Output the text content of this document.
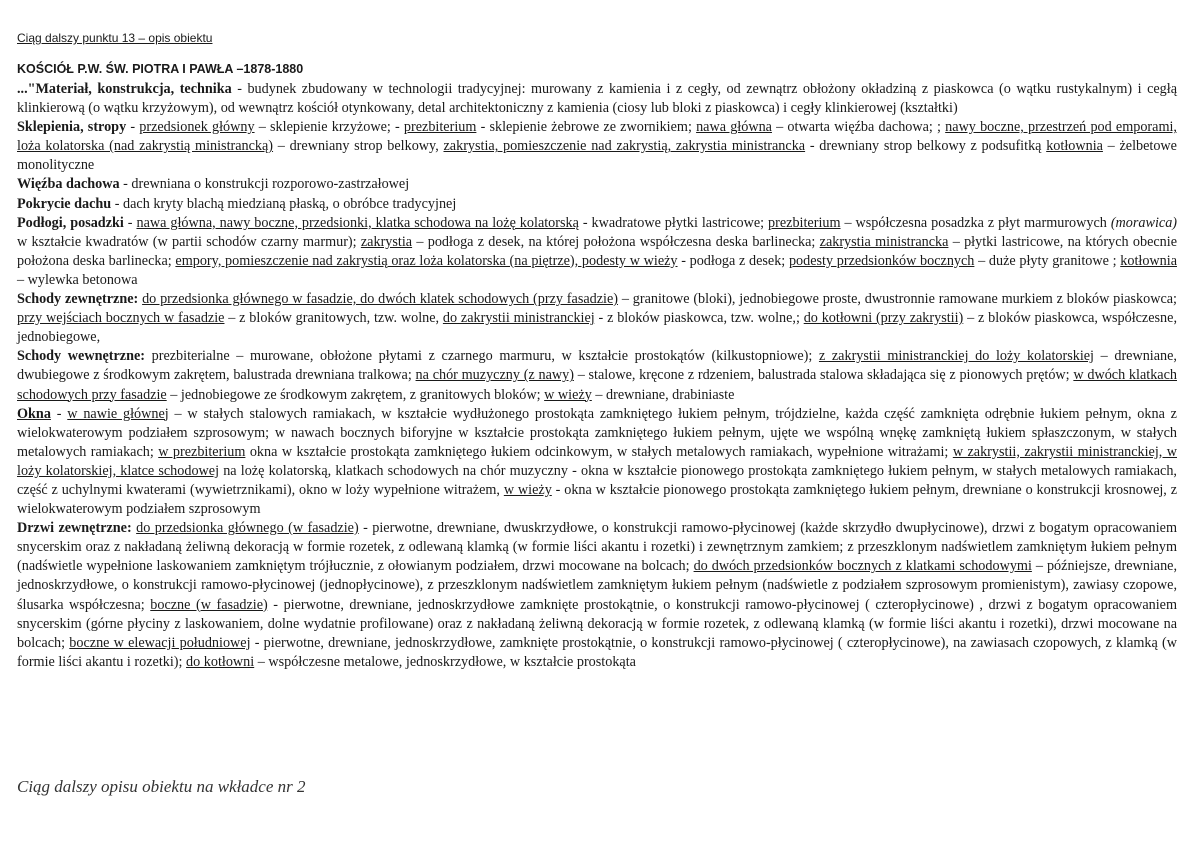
Ciąg dalszy punktu 13 – opis obiektu
KOŚCIÓŁ P.W. ŚW. PIOTRA I PAWŁA –1878-1880

..."Materiał, konstrukcja, technika - budynek zbudowany w technologii tradycyjnej: murowany z kamienia i z cegły, od zewnątrz obłożony okładziną z piaskowca (o wątku rustykalnym) i cegłą klinkierową (o wątku krzyżowym), od wewnątrz kościół otynkowany, detal architektoniczny z kamienia (ciosy lub bloki z piaskowca) i cegły klinkierowej (kształtki)

Sklepienia, stropy - przedsionek główny – sklepienie krzyżowe; - prezbiterium - sklepienie żebrowe ze zwornikiem; nawa główna – otwarta więźba dachowa; ; nawy boczne, przestrzeń pod emporami, loża kolatorska (nad zakrystią ministrancką) – drewniany strop belkowy, zakrystia, pomieszczenie nad zakrystią, zakrystia ministrancka - drewniany strop belkowy z podsufitką kotłownia – żelbetowe monolityczne

Więźba dachowa - drewniana o konstrukcji rozporowo-zastrzałowej

Pokrycie dachu - dach kryty blachą miedzianą płaską, o obróbce tradycyjnej

Podłogi, posadzki - nawa główna, nawy boczne, przedsionki, klatka schodowa na lożę kolatorską - kwadratowe płytki lastricowe; prezbiterium – współczesna posadzka z płyt marmurowych (morawica) w kształcie kwadratów (w partii schodów czarny marmur); zakrystia – podłoga z desek, na której położona współczesna deska barlinecka; zakrystia ministrancka – płytki lastricowe, na których obecnie położona deska barlinecka; empory, pomieszczenie nad zakrystią oraz loża kolatorska (na piętrze), podesty w wieży - podłoga z desek; podesty przedsionków bocznych – duże płyty granitowe ; kotłownia – wylewka betonowa

Schody zewnętrzne: do przedsionka głównego w fasadzie, do dwóch klatek schodowych (przy fasadzie) – granitowe (bloki), jednobiegowe proste, dwustronnie ramowane murkiem z bloków piaskowca; przy wejściach bocznych w fasadzie – z bloków granitowych, tzw. wolne, do zakrystii ministranckiej - z bloków piaskowca, tzw. wolne,; do kotłowni (przy zakrystii) – z bloków piaskowca, współczesne, jednobiegowe,

Schody wewnętrzne: prezbiterialne – murowane, obłożone płytami z czarnego marmuru, w kształcie prostokątów (kilkustopniowe); z zakrystii ministranckiej do loży kolatorskiej – drewniane, dwubiegowe z środkowym zakrętem, balustrada drewniana tralkowa; na chór muzyczny (z nawy) – stalowe, kręcone z rdzeniem, balustrada stalowa składająca się z pionowych prętów; w dwóch klatkach schodowych przy fasadzie – jednobiegowe ze środkowym zakrętem, z granitowych bloków; w wieży – drewniane, drabiniaste

Okna - w nawie głównej – w stałych stalowych ramiakach, w kształcie wydłużonego prostokąta zamkniętego łukiem pełnym, trójdzielne, każda część zamknięta odrębnie łukiem pełnym, okna z wielokwaterowym podziałem szprosowym; w nawach bocznych biforyjne w kształcie prostokąta zamkniętego łukiem pełnym, ujęte we wspólną wnękę zamkniętą łukiem spłaszczonym, w stałych metalowych ramiakach; w prezbiterium okna w kształcie prostokąta zamkniętego łukiem odcinkowym, w stałych metalowych ramiakach, wypełnione witrażami; w zakrystii, zakrystii ministranckiej, w loży kolatorskiej, klatce schodowej na lożę kolatorską, klatkach schodowych na chór muzyczny - okna w kształcie pionowego prostokąta zamkniętego łukiem pełnym, w stałych metalowych ramiakach, część z uchylnymi kwaterami (wywietrznikami), okno w loży wypełnione witrażem, w wieży - okna w kształcie pionowego prostokąta zamkniętego łukiem pełnym, drewniane o konstrukcji krosnowej, z wielokwaterowym podziałem szprosowym

Drzwi zewnętrzne: do przedsionka głównego (w fasadzie) - pierwotne, drewniane, dwuskrzydłowe, o konstrukcji ramowo-płycinowej (każde skrzydło dwupłycinowe), drzwi z bogatym opracowaniem snycerskim oraz z nakładaną żeliwną dekoracją w formie rozetek, z odlewaną klamką (w formie liści akantu i rozetki) i zewnętrznym zamkiem; z przeszklonym nadświetlem zamkniętym łukiem pełnym (nadświetle wypełnione laskowaniem zamkniętym trójłucznie, z ołowianym podziałem, drzwi mocowane na bolcach; do dwóch przedsionków bocznych z klatkami schodowymi – późniejsze, drewniane, jednoskrzydłowe, o konstrukcji ramowo-płycinowej (jednopłycinowe), z przeszklonym nadświetlem zamkniętym łukiem pełnym (nadświetle z podziałem szprosowym promienistym), zawiasy czopowe, ślusarka współczesna; boczne (w fasadzie) - pierwotne, drewniane, jednoskrzydłowe zamknięte prostokątnie, o konstrukcji ramowo-płycinowej ( czteropłycinowe) , drzwi z bogatym opracowaniem snycerskim (górne płyciny z laskowaniem, dolne wydatnie profilowane) oraz z nakładaną żeliwną dekoracją w formie rozetek, z odlewaną klamką (w formie liści akantu i rozetki), drzwi mocowane na bolcach; boczne w elewacji południowej - pierwotne, drewniane, jednoskrzydłowe, zamknięte prostokątnie, o konstrukcji ramowo-płycinowej ( czteropłycinowe), na zawiasach czopowych, z klamką (w formie liści akantu i rozetki); do kotłowni – współczesne metalowe, jednoskrzydłowe, w kształcie prostokąta

Ciąg dalszy opisu obiektu na wkładce nr 2
